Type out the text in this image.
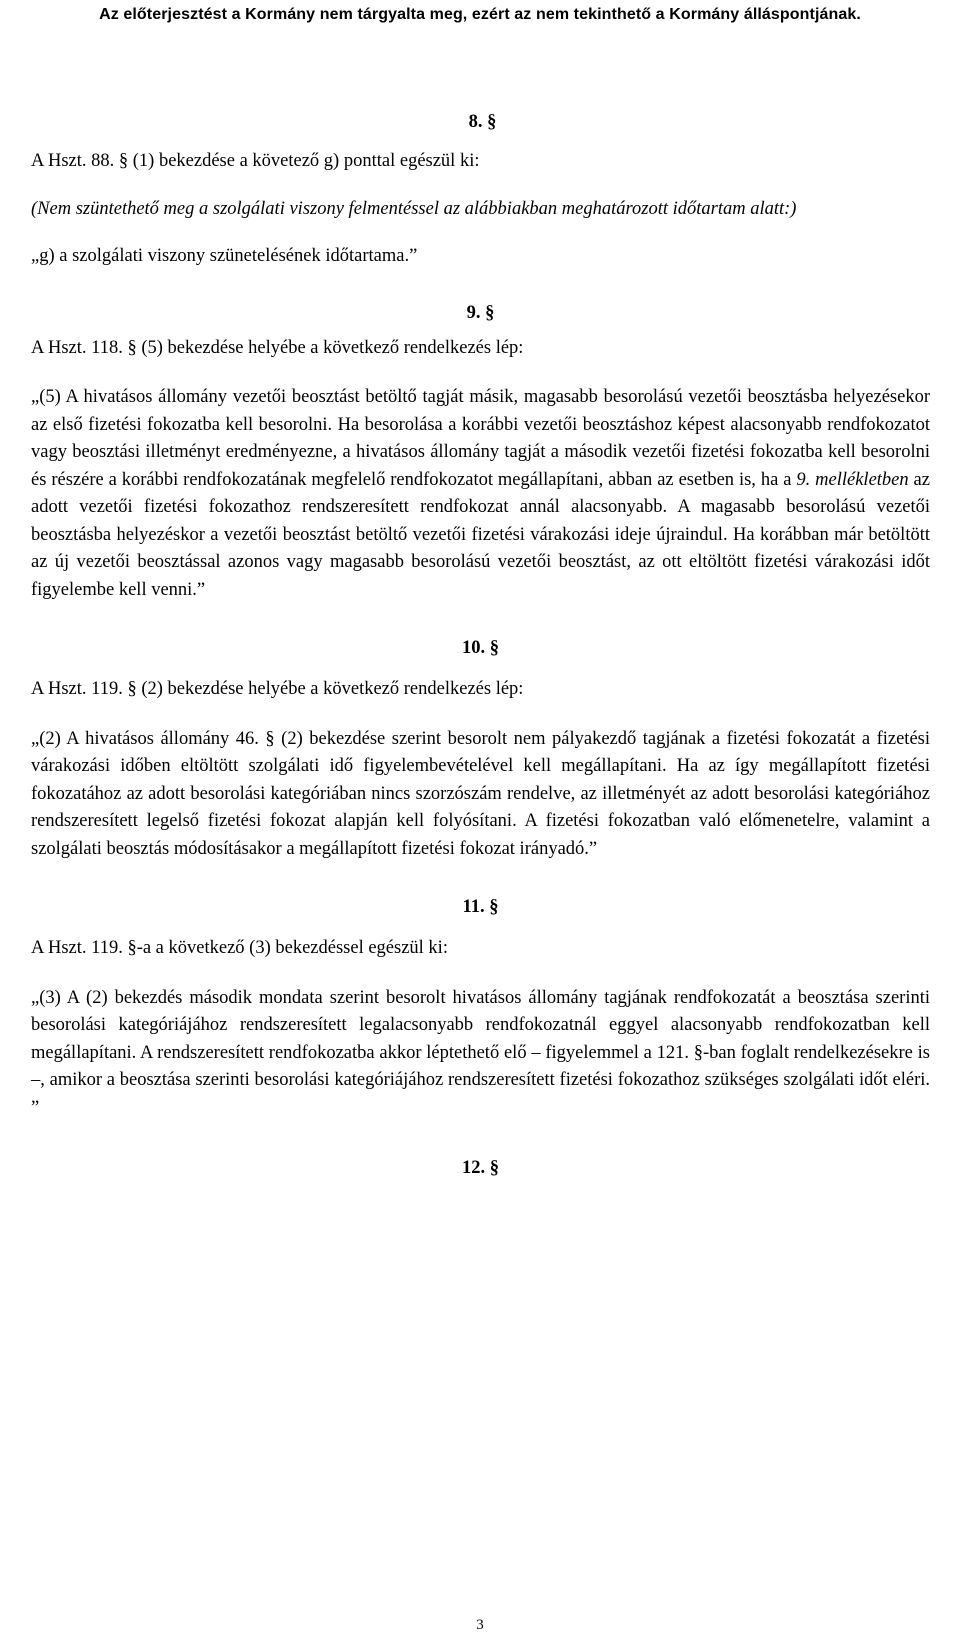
Az előterjesztést a Kormány nem tárgyalta meg, ezért az nem tekinthető a Kormány álláspontjának.

8. §

A Hszt. 88. § (1) bekezdése a követező g) ponttal egészül ki:

(Nem szüntethető meg a szolgálati viszony felmentéssel az alábbiakban meghatározott időtartam alatt:)

„g) a szolgálati viszony szünetelésének időtartama.”

9. §

A Hszt. 118. § (5) bekezdése helyébe a következő rendelkezés lép:

„(5) A hivatásos állomány vezetői beosztást betöltő tagját másik, magasabb besorolású vezetői beosztásba helyezésekor az első fizetési fokozatba kell besorolni. Ha besorolása a korábbi vezetői beosztáshoz képest alacsonyabb rendfokozatot vagy beosztási illetményt eredményezne, a hivatásos állomány tagját a második vezetői fizetési fokozatba kell besorolni és részére a korábbi rendfokozatának megfelelő rendfokozatot megállapítani, abban az esetben is, ha a 9. mellékletben az adott vezetői fizetési fokozathoz rendszeresített rendfokozat annál alacsonyabb. A magasabb besorolású vezetői beosztásba helyezéskor a vezetői beosztást betöltő vezetői fizetési várakozási ideje újraindul. Ha korábban már betöltött az új vezetői beosztással azonos vagy magasabb besorolású vezetői beosztást, az ott eltöltött fizetési várakozási időt figyelembe kell venni.”

10. §

A Hszt. 119. § (2) bekezdése helyébe a következő rendelkezés lép:

„(2) A hivatásos állomány 46. § (2) bekezdése szerint besorolt nem pályakezdő tagjának a fizetési fokozatát a fizetési várakozási időben eltöltött szolgálati idő figyelembevételével kell megállapítani. Ha az így megállapított fizetési fokozatához az adott besorolási kategóriában nincs szorzószám rendelve, az illetményét az adott besorolási kategóriához rendszeresített legelső fizetési fokozat alapján kell folyósítani. A fizetési fokozatban való előmenetelre, valamint a szolgálati beosztás módosításakor a megállapított fizetési fokozat irányadó.”

11. §

A Hszt. 119. §-a a következő (3) bekezdéssel egészül ki:

„(3) A (2) bekezdés második mondata szerint besorolt hivatásos állomány tagjának rendfokozatát a beosztása szerinti besorolási kategóriájához rendszeresített legalacsonyabb rendfokozatnál eggyel alacsonyabb rendfokozatban kell megállapítani. A rendszeresített rendfokozatba akkor léptethető elő – figyelemmel a 121. §-ban foglalt rendelkezésekre is –, amikor a beosztása szerinti besorolási kategóriájához rendszeresített fizetési fokozathoz szükséges szolgálati időt eléri. ”

12. §

3
